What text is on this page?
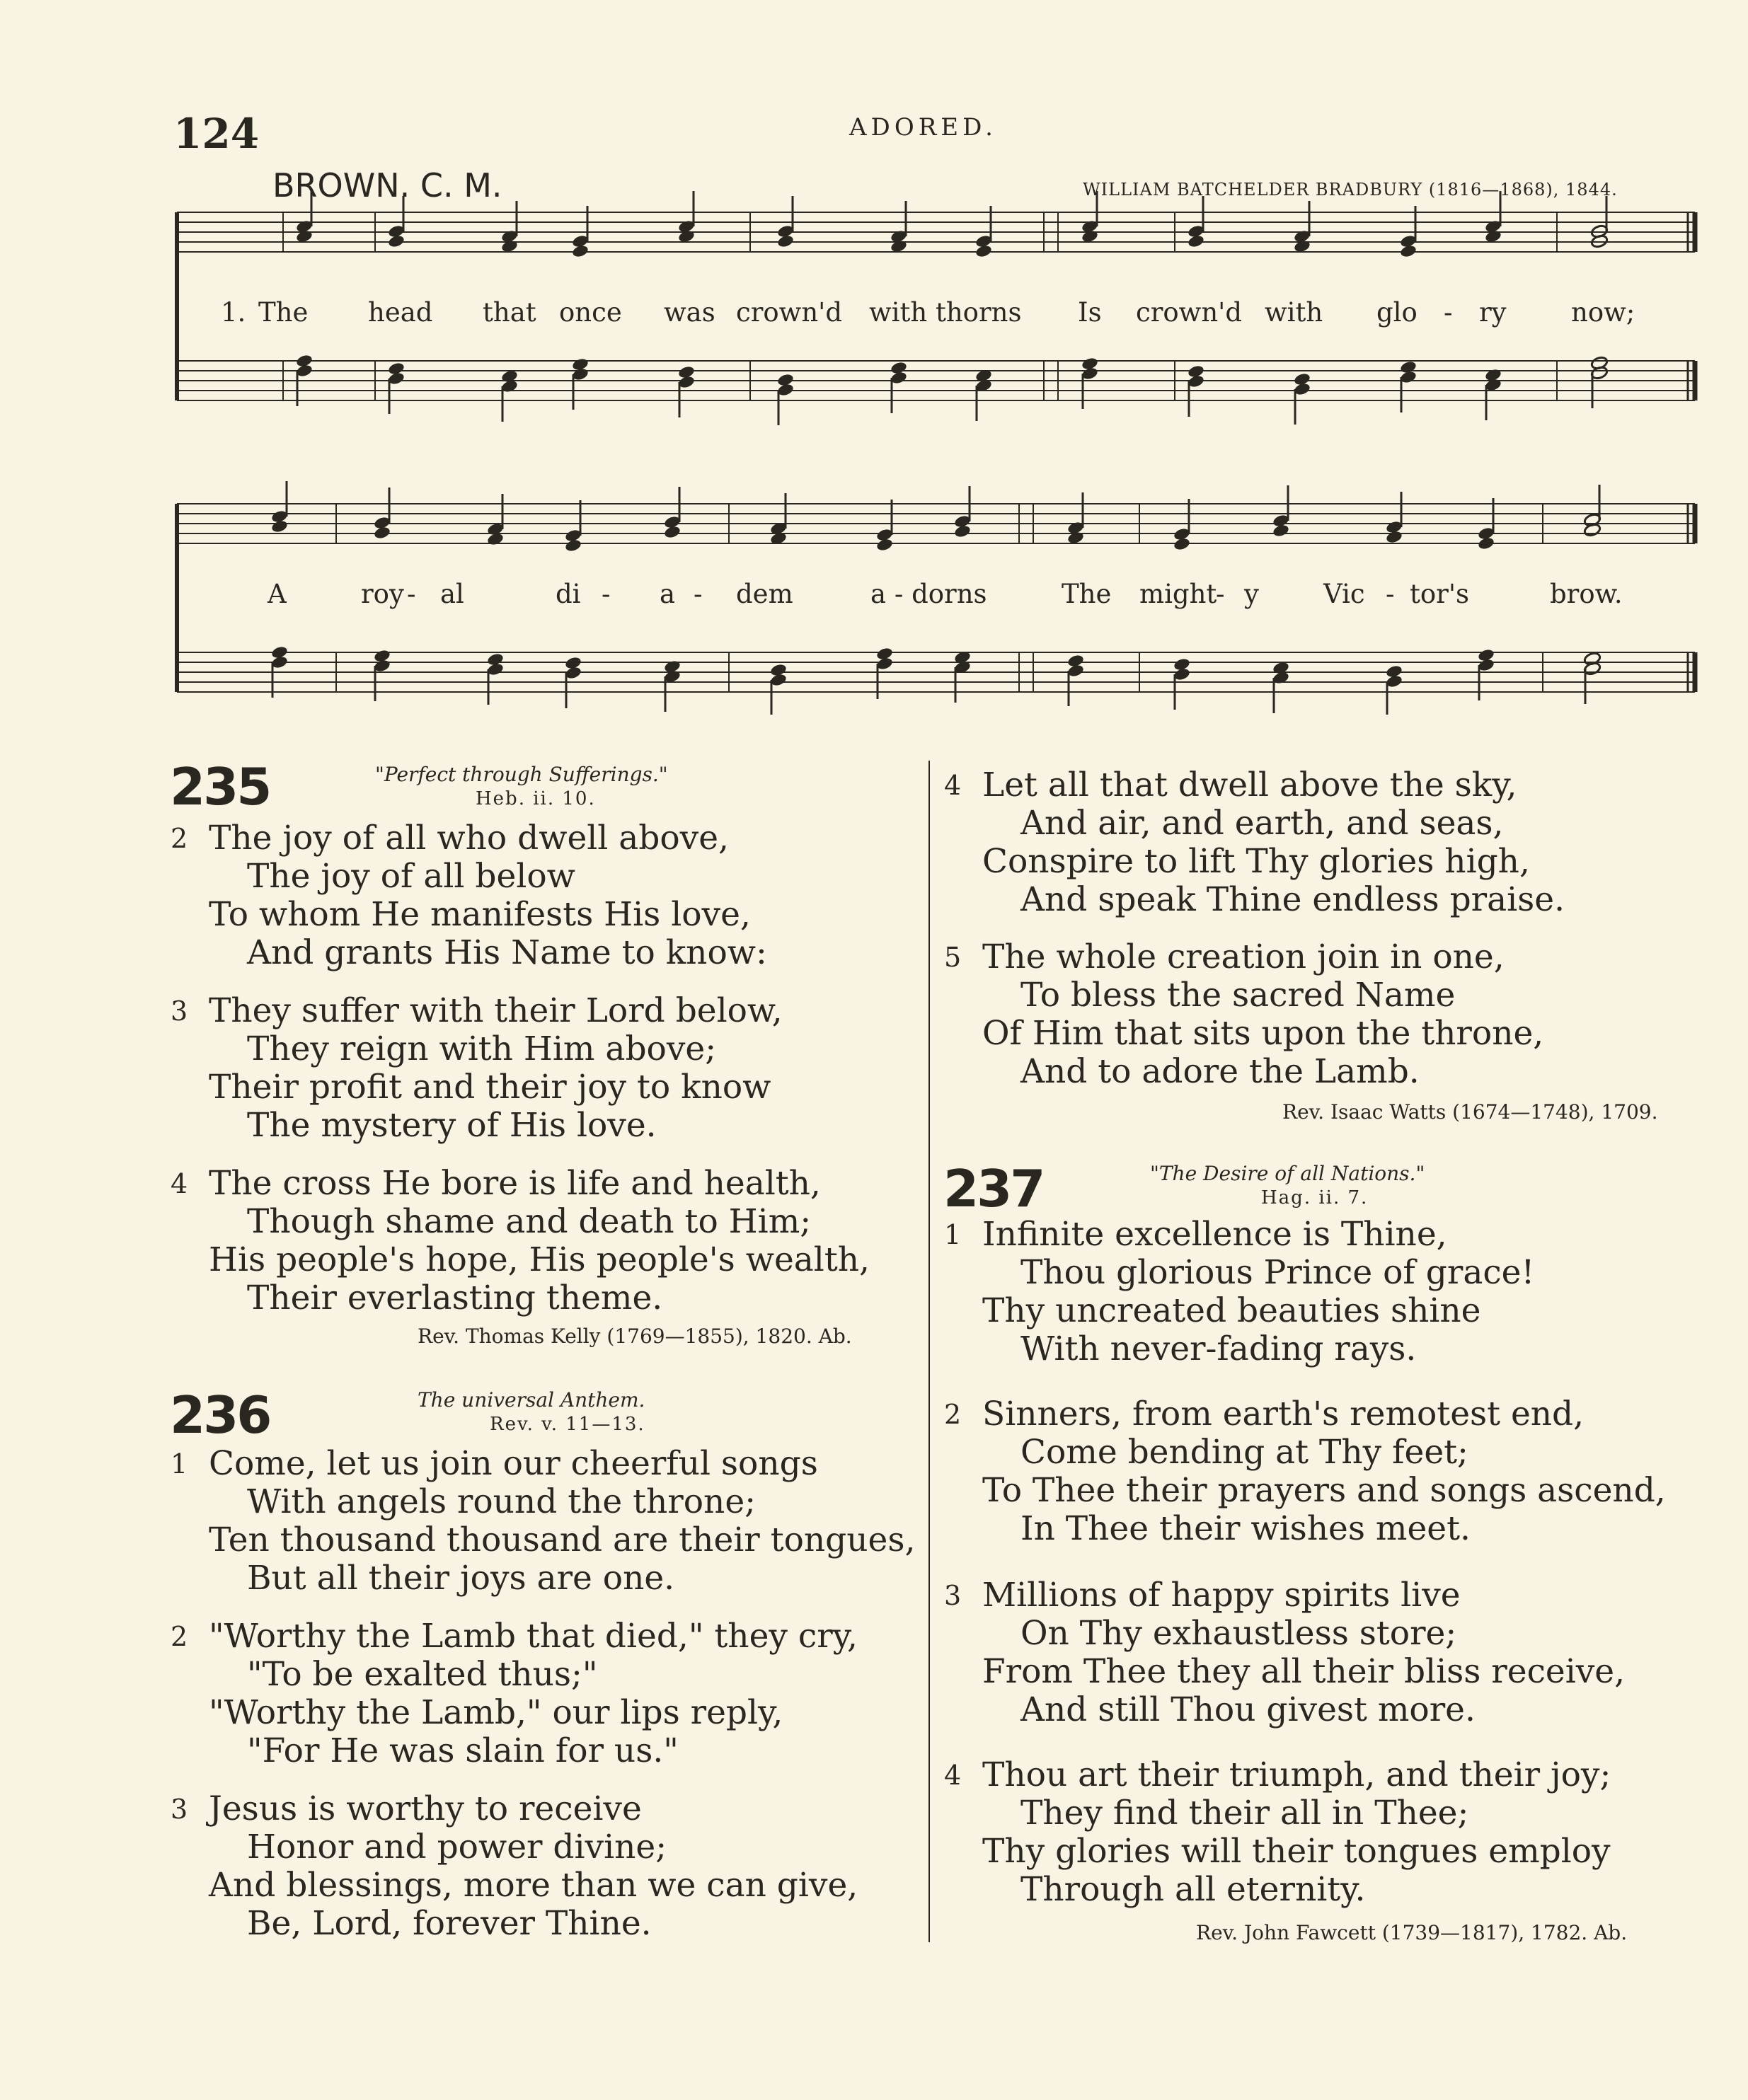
124	ADORED.
BROWN. C. M.	WILLIAM BATCHELDER BRADBURY (1816—1868), 1844.
1. The head that once was crown'd with thorns Is crown'd with glo - ry now;
A	roy - al	di - a - dem	a - dorns	The might
- y Vic - tor's	brow.
235	"Perfect through Sufferings."
Heb. ii. 10.
2 The joy of all who dwell above,
The joy of all below
To whom He manifests His love,
And grants His Name to know:
3 They suffer with their Lord below,
They reign with Him above;
Their profit and their joy to know
The mystery of His love.
4 The cross He bore is life and health,
Though shame and death to Him;
His people's hope, His people's wealth,
Their everlasting theme.
Rev. Thomas Kelly (1769—1855), 1820. Ab.
236	The universal Anthem.
Rev. v. 11—13.
1 Come, let us join our cheerful songs
With angels round the throne;
Ten thousand thousand are their tongues,
But all their joys are one.
2 "Worthy the Lamb that died," they cry,
"To be exalted thus;"
"Worthy the Lamb," our lips reply,
"For He was slain for us."
3 Jesus is worthy to receive
Honor and power divine;
And blessings, more than we can give,
Be, Lord, forever Thine.
4 Let all that dwell above the sky,
And air, and earth, and seas,
Conspire to lift Thy glories high,
And speak Thine endless praise.
5 The whole creation join in one,
To bless the sacred Name
Of Him that sits upon the throne,
And to adore the Lamb.
Rev. Isaac Watts (1674—1748), 1709.
237	"The Desire of all Nations."
Hag. ii. 7.
1 Infinite excellence is Thine,
Thou glorious Prince of grace!
Thy uncreated beauties shine
With never-fading rays.
2 Sinners, from earth's remotest end,
Come bending at Thy feet;
To Thee their prayers and songs ascend,
In Thee their wishes meet.
3 Millions of happy spirits live
On Thy exhaustless store;
From Thee they all their bliss receive,
And still Thou givest more.
4 Thou art their triumph, and their joy;
They find their all in Thee;
Thy glories will their tongues employ
Through all eternity.
Rev. John Fawcett (1739—1817), 1782. Ab.
